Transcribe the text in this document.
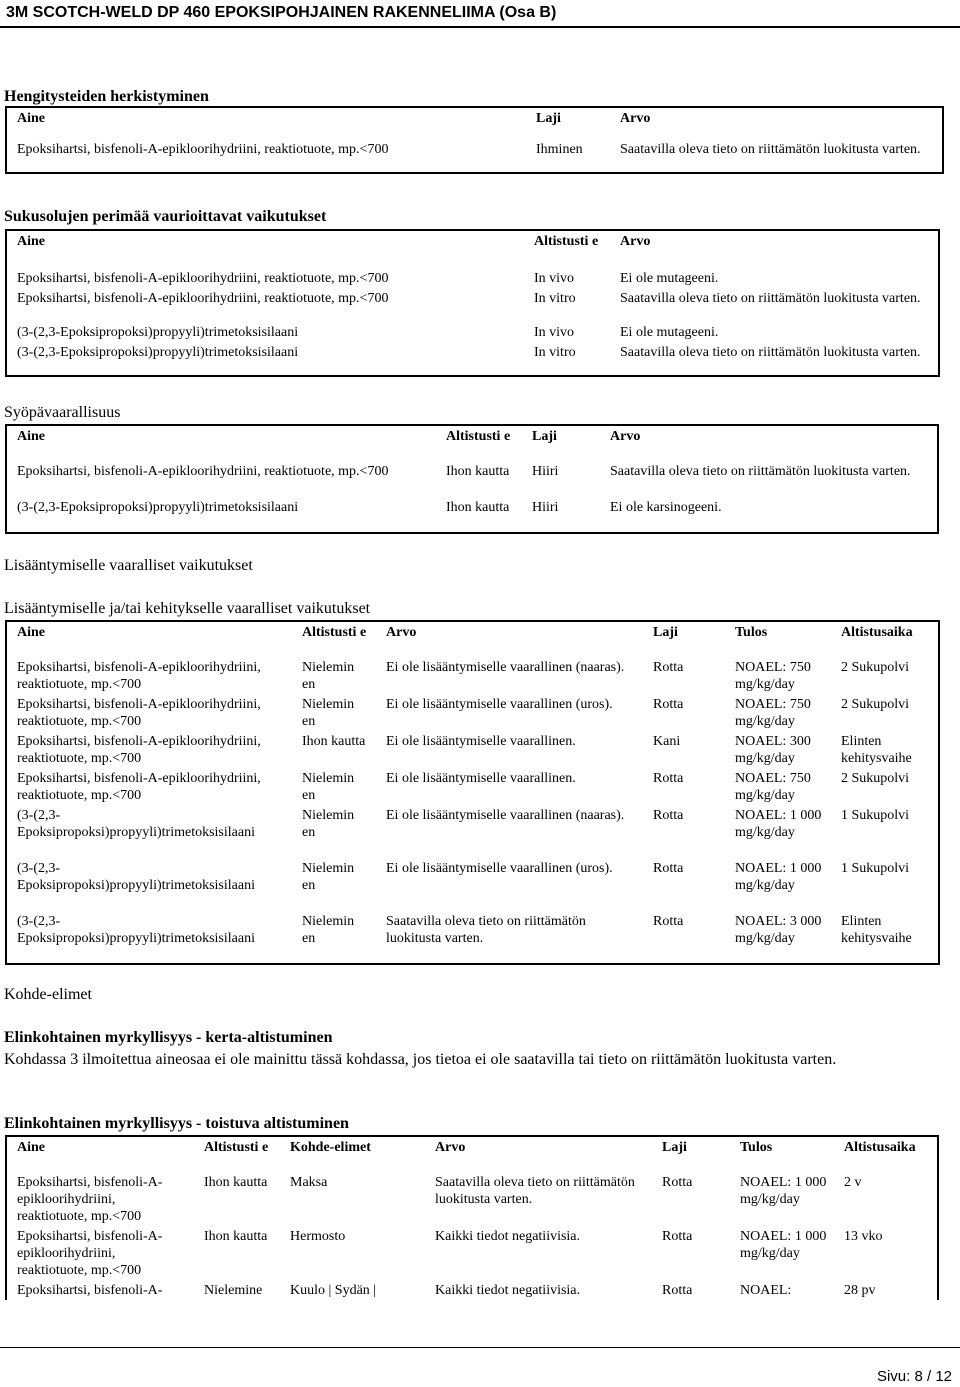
3M SCOTCH-WELD DP 460 EPOKSIPOHJAINEN RAKENNELIIMA (Osa B)
Hengitysteiden herkistyminen
Aine	Laji	Arvo
Epoksihartsi, bisfenoli-A-epikloorihydriini, reaktiotuote, mp.<700	Ihminen	Saatavilla oleva tieto on riittämätön luokitusta varten.
Sukusolujen perimää vaurioittavat vaikutukset
Aine	Altistusti e	Arvo
Epoksihartsi, bisfenoli-A-epikloorihydriini, reaktiotuote, mp.<700	In vivo	Ei ole mutageeni.
Epoksihartsi, bisfenoli-A-epikloorihydriini, reaktiotuote, mp.<700	In vitro	Saatavilla oleva tieto on riittämätön luokitusta varten.
(3-(2,3-Epoksipropoksi)propyyli)trimetoksisilaani	In vivo	Ei ole mutageeni.
(3-(2,3-Epoksipropoksi)propyyli)trimetoksisilaani	In vitro	Saatavilla oleva tieto on riittämätön luokitusta varten.
Syöpävaarallisuus
Aine	Altistusti e	Laji	Arvo
Epoksihartsi, bisfenoli-A-epikloorihydriini, reaktiotuote, mp.<700	Ihon kautta	Hiiri	Saatavilla oleva tieto on riittämätön luokitusta varten.
(3-(2,3-Epoksipropoksi)propyyli)trimetoksisilaani	Ihon kautta	Hiiri	Ei ole karsinogeeni.
Lisääntymiselle vaaralliset vaikutukset
Lisääntymiselle ja/tai kehitykselle vaaralliset vaikutukset
Aine	Altistusti e	Arvo	Laji	Tulos	Altistusaika
Epoksihartsi, bisfenoli-A-epikloorihydriini, reaktiotuote, mp.<700	Nielemin en	Ei ole lisääntymiselle vaarallinen (naaras).	Rotta	NOAEL: 750 mg/kg/day	2 Sukupolvi
Epoksihartsi, bisfenoli-A-epikloorihydriini, reaktiotuote, mp.<700	Nielemin en	Ei ole lisääntymiselle vaarallinen (uros).	Rotta	NOAEL: 750 mg/kg/day	2 Sukupolvi
Epoksihartsi, bisfenoli-A-epikloorihydriini, reaktiotuote, mp.<700	Ihon kautta	Ei ole lisääntymiselle vaarallinen.	Kani	NOAEL: 300 mg/kg/day	Elinten kehitysvaihe
Epoksihartsi, bisfenoli-A-epikloorihydriini, reaktiotuote, mp.<700	Nielemin en	Ei ole lisääntymiselle vaarallinen.	Rotta	NOAEL: 750 mg/kg/day	2 Sukupolvi
(3-(2,3-Epoksipropoksi)propyyli)trimetoksisilaani	Nielemin en	Ei ole lisääntymiselle vaarallinen (naaras).	Rotta	NOAEL: 1 000 mg/kg/day	1 Sukupolvi
(3-(2,3-Epoksipropoksi)propyyli)trimetoksisilaani	Nielemin en	Ei ole lisääntymiselle vaarallinen (uros).	Rotta	NOAEL: 1 000 mg/kg/day	1 Sukupolvi
(3-(2,3-Epoksipropoksi)propyyli)trimetoksisilaani	Nielemin en	Saatavilla oleva tieto on riittämätön luokitusta varten.	Rotta	NOAEL: 3 000 mg/kg/day	Elinten kehitysvaihe
Kohde-elimet
Elinkohtainen myrkyllisyys - kerta-altistuminen
Kohdassa 3 ilmoitettua aineosaa ei ole mainittu tässä kohdassa, jos tietoa ei ole saatavilla tai tieto on riittämätön luokitusta varten.
Elinkohtainen myrkyllisyys - toistuva altistuminen
Aine	Altistusti e	Kohde-elimet	Arvo	Laji	Tulos	Altistusaika
Epoksihartsi, bisfenoli-A-epikloorihydriini, reaktiotuote, mp.<700	Ihon kautta	Maksa	Saatavilla oleva tieto on riittämätön luokitusta varten.	Rotta	NOAEL: 1 000 mg/kg/day	2 v
Epoksihartsi, bisfenoli-A-epikloorihydriini, reaktiotuote, mp.<700	Ihon kautta	Hermosto	Kaikki tiedot negatiivisia.	Rotta	NOAEL: 1 000 mg/kg/day	13 vko
Epoksihartsi, bisfenoli-A-	Nielemine	Kuulo | Sydän |	Kaikki tiedot negatiivisia.	Rotta	NOAEL:	28 pv
Sivu: 8 / 12
